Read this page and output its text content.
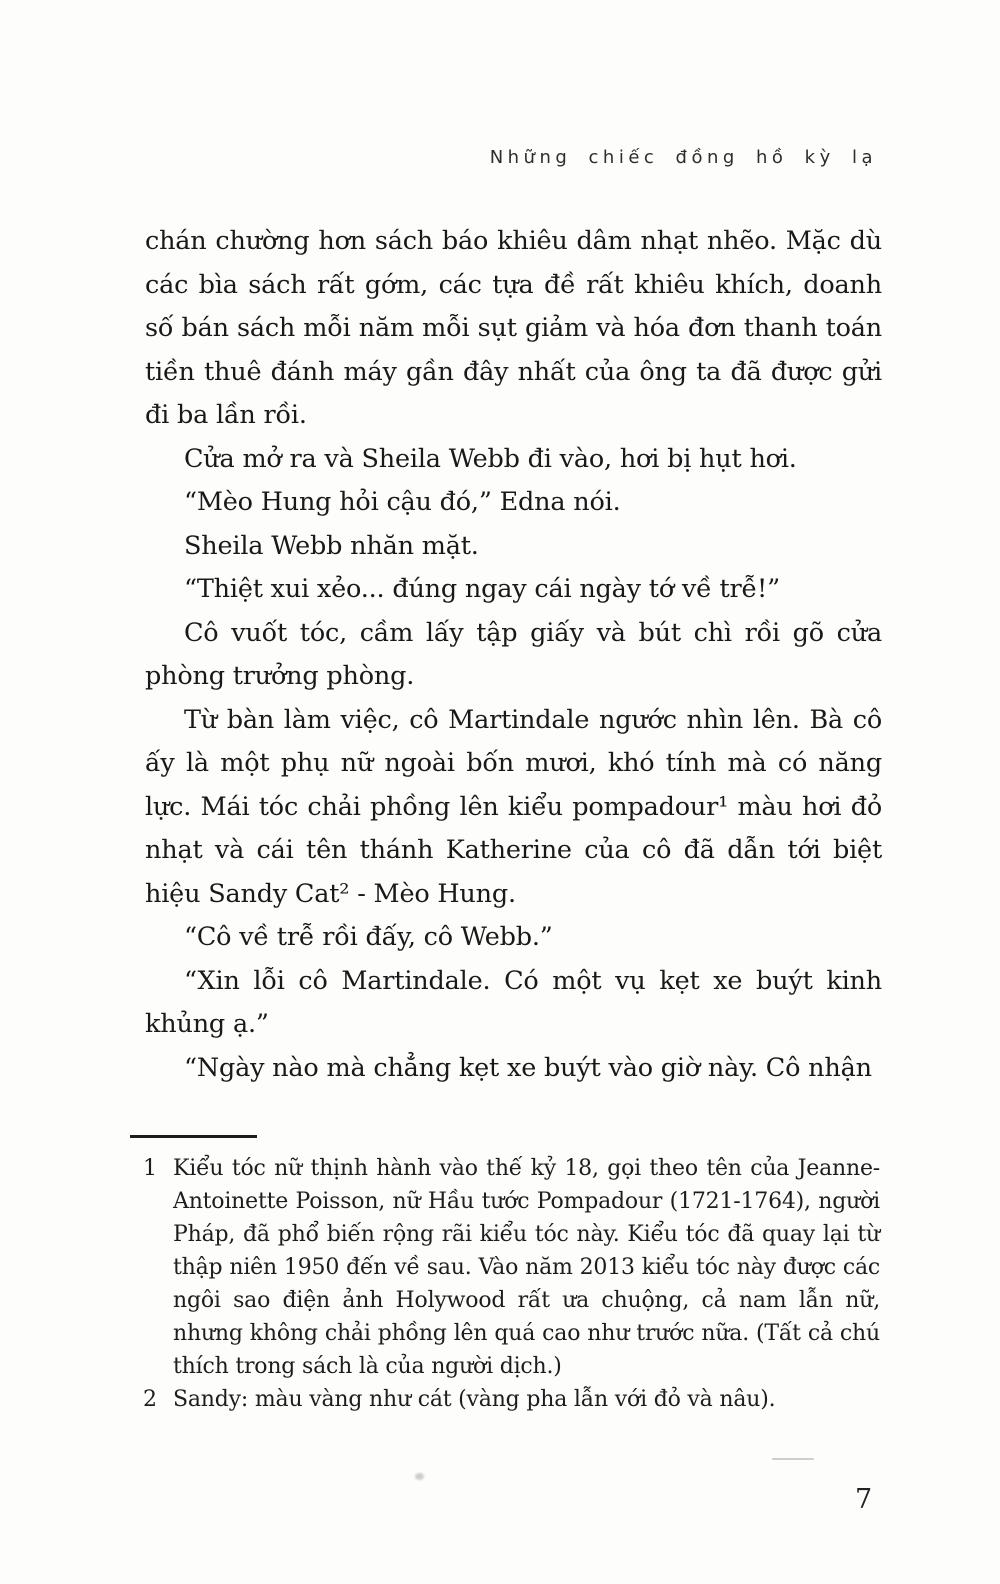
Những chiếc đồng hồ kỳ lạ

chán chường hơn sách báo khiêu dâm nhạt nhẽo. Mặc dù các bìa sách rất gớm, các tựa đề rất khiêu khích, doanh số bán sách mỗi năm mỗi sụt giảm và hóa đơn thanh toán tiền thuê đánh máy gần đây nhất của ông ta đã được gửi đi ba lần rồi.

Cửa mở ra và Sheila Webb đi vào, hơi bị hụt hơi.

“Mèo Hung hỏi cậu đó,” Edna nói.

Sheila Webb nhăn mặt.

“Thiệt xui xẻo... đúng ngay cái ngày tớ về trễ!”

Cô vuốt tóc, cầm lấy tập giấy và bút chì rồi gõ cửa phòng trưởng phòng.

Từ bàn làm việc, cô Martindale ngước nhìn lên. Bà cô ấy là một phụ nữ ngoài bốn mươi, khó tính mà có năng lực. Mái tóc chải phồng lên kiểu pompadour¹ màu hơi đỏ nhạt và cái tên thánh Katherine của cô đã dẫn tới biệt hiệu Sandy Cat² - Mèo Hung.

“Cô về trễ rồi đấy, cô Webb.”

“Xin lỗi cô Martindale. Có một vụ kẹt xe buýt kinh khủng ạ.”

“Ngày nào mà chẳng kẹt xe buýt vào giờ này. Cô nhận

1 Kiểu tóc nữ thịnh hành vào thế kỷ 18, gọi theo tên của Jeanne-Antoinette Poisson, nữ Hầu tước Pompadour (1721-1764), người Pháp, đã phổ biến rộng rãi kiểu tóc này. Kiểu tóc đã quay lại từ thập niên 1950 đến về sau. Vào năm 2013 kiểu tóc này được các ngôi sao điện ảnh Holywood rất ưa chuộng, cả nam lẫn nữ, nhưng không chải phồng lên quá cao như trước nữa. (Tất cả chú thích trong sách là của người dịch.)
2 Sandy: màu vàng như cát (vàng pha lẫn với đỏ và nâu).
7
